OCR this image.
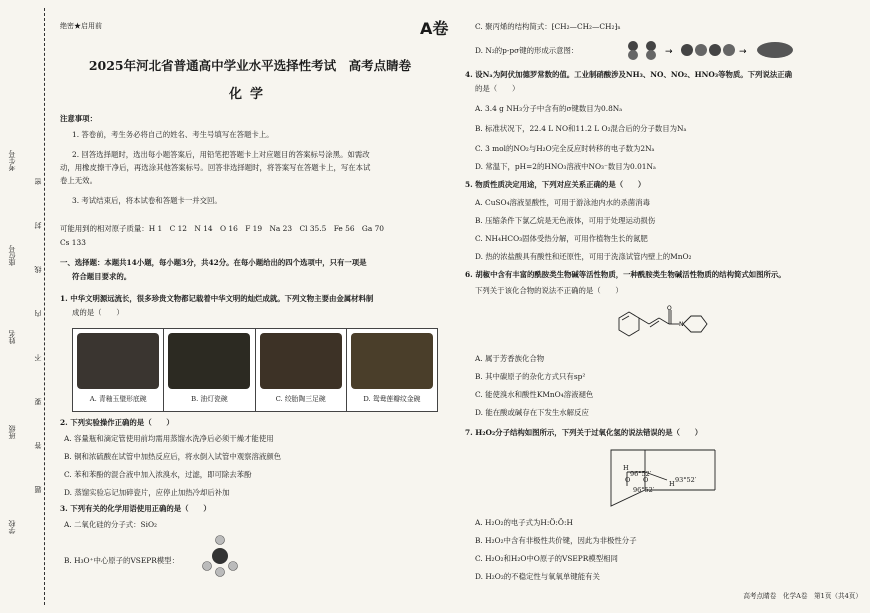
考生号
座位号
姓名
班级
学校
密
封
线
内
不
要
答
题
绝密★启用前	A卷
2025年河北省普通高中学业水平选择性考试　高考点睛卷
化学
注意事项：
1. 答卷前，考生务必将自己的姓名、考生号填写在答题卡上。
2. 回答选择题时，选出每小题答案后，用铅笔把答题卡上对应题目的答案标号涂黑。如需改
动，用橡皮擦干净后，再选涂其他答案标号。回答非选择题时，将答案写在答题卡上，写在本试
卷上无效。
3. 考试结束后，将本试卷和答题卡一并交回。
可能用到的相对原子质量：H 1　C 12　N 14　O 16　F 19　Na 23　Cl 35.5　Fe 56　Ga 70
Cs 133
一、选择题：本题共14小题，每小题3分，共42分。在每小题给出的四个选项中，只有一项是
符合题目要求的。
1. 中华文明源远流长，很多珍贵文物都记载着中华文明的灿烂成就。下列文物主要由金属材料制
成的是（　　）
A. 青釉玉璧形底碗	B. 油灯瓷碗	C. 绞胎陶三足碗	D. 鸳鸯莲瓣纹金碗
2. 下列实验操作正确的是（　　）
A. 容量瓶和滴定管使用前均需用蒸馏水洗净后必须干燥才能使用
B. 铜和浓硫酸在试管中加热反应后，将水倒入试管中观察溶液颜色
C. 苯和苯酚的混合液中加入浓溴水，过滤，即可除去苯酚
D. 蒸馏实验忘记加碎瓷片，应停止加热冷却后补加
3. 下列有关的化学用语使用正确的是（　　）
A. 二氧化硅的分子式：SiO₂
B. H₃O⁺中心原子的VSEPR模型：
C. 聚丙烯的结构简式：⁅CH₂—CH₂—CH₂⁆ₙ
D. N₂的p-pσ键的形成示意图：	→	→
4. 设Nₐ为阿伏加德罗常数的值。工业制硝酸涉及NH₃、NO、NO₂、HNO₃等物质。下列说法正确
的是（　　）
A. 3.4 g NH₃分子中含有的σ键数目为0.8Nₐ
B. 标准状况下，22.4 L NO和11.2 L O₂混合后的分子数目为Nₐ
C. 3 mol的NO₂与H₂O完全反应时转移的电子数为2Nₐ
D. 常温下，pH=2的HNO₃溶液中NO₃⁻数目为0.01Nₐ
5. 物质性质决定用途，下列对应关系正确的是（　　）
A. CuSO₄溶液显酸性，可用于游泳池内水的杀菌消毒
B. 压缩条件下氯乙烷是无色液体，可用于处理运动损伤
C. NH₄HCO₃固体受热分解，可用作植物生长的氮肥
D. 热的浓盐酸具有酸性和还原性，可用于洗涤试管内壁上的MnO₂
6. 胡椒中含有丰富的酰胺类生物碱等活性物质，一种酰胺类生物碱活性物质的结构简式如图所示。
下列关于该化合物的说法不正确的是（　　）
O
N
A. 属于芳香族化合物
B. 其中碳原子的杂化方式只有sp²
C. 能使溴水和酸性KMnO₄溶液褪色
D. 能在酸或碱存在下发生水解反应
7. H₂O₂分子结构如图所示，下列关于过氧化氢的说法错误的是（　　）
96°52′
93°52′
96°52′
H
O O	H
A. H₂O₂的电子式为H:Ö:Ö:H
B. H₂O₂中含有非极性共价键，因此为非极性分子
C. H₂O₂和H₂O中O原子的VSEPR模型相同
D. H₂O₂的不稳定性与氧氧单键能有关
高考点睛卷　化学A卷　第1页（共4页）
